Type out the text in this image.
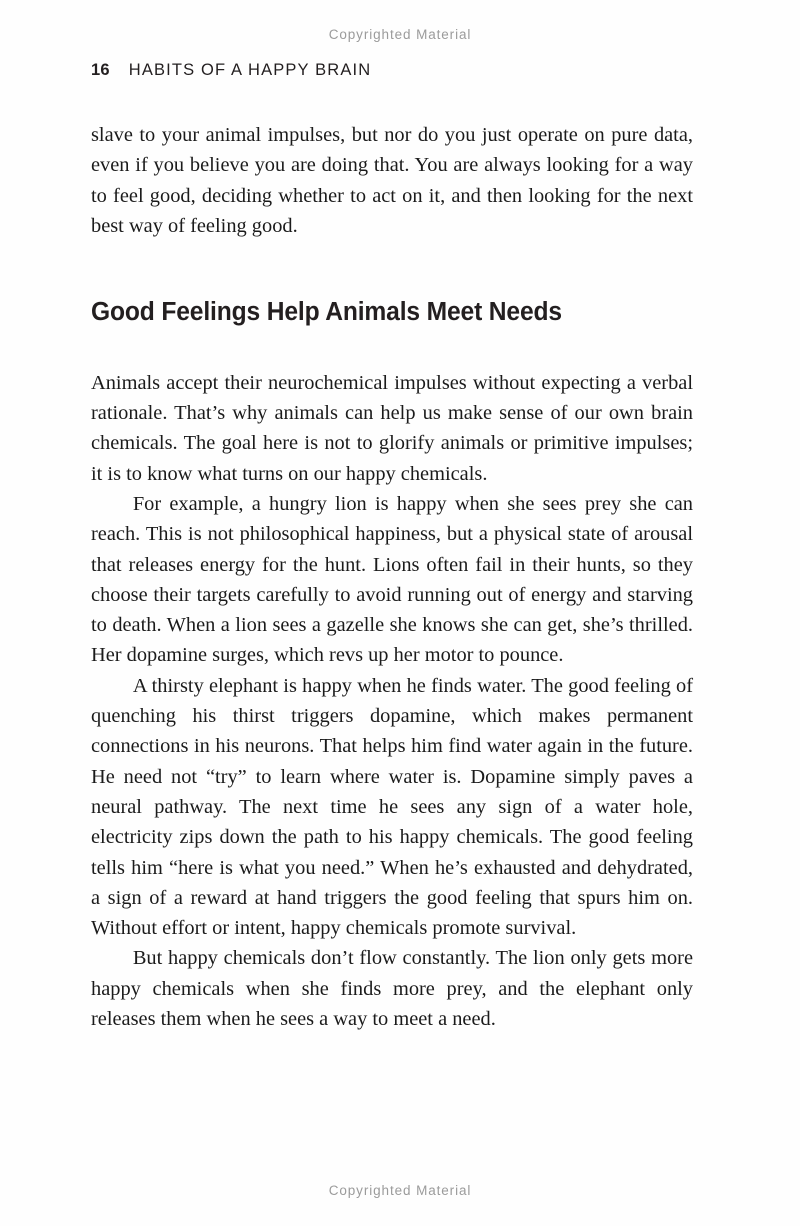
Copyrighted Material
16 HABITS OF A HAPPY BRAIN

slave to your animal impulses, but nor do you just operate on pure data, even if you believe you are doing that. You are always looking for a way to feel good, deciding whether to act on it, and then looking for the next best way of feeling good.

Good Feelings Help Animals Meet Needs

Animals accept their neurochemical impulses without expecting a verbal rationale. That’s why animals can help us make sense of our own brain chemicals. The goal here is not to glorify animals or primitive impulses; it is to know what turns on our happy chemicals.

For example, a hungry lion is happy when she sees prey she can reach. This is not philosophical happiness, but a physical state of arousal that releases energy for the hunt. Lions often fail in their hunts, so they choose their targets carefully to avoid running out of energy and starving to death. When a lion sees a gazelle she knows she can get, she’s thrilled. Her dopamine surges, which revs up her motor to pounce.

A thirsty elephant is happy when he finds water. The good feeling of quenching his thirst triggers dopamine, which makes permanent connections in his neurons. That helps him find water again in the future. He need not “try” to learn where water is. Dopamine simply paves a neural pathway. The next time he sees any sign of a water hole, electricity zips down the path to his happy chemicals. The good feeling tells him “here is what you need.” When he’s exhausted and dehydrated, a sign of a reward at hand triggers the good feeling that spurs him on. Without effort or intent, happy chemicals promote survival.

But happy chemicals don’t flow constantly. The lion only gets more happy chemicals when she finds more prey, and the elephant only releases them when he sees a way to meet a need.

Copyrighted Material
